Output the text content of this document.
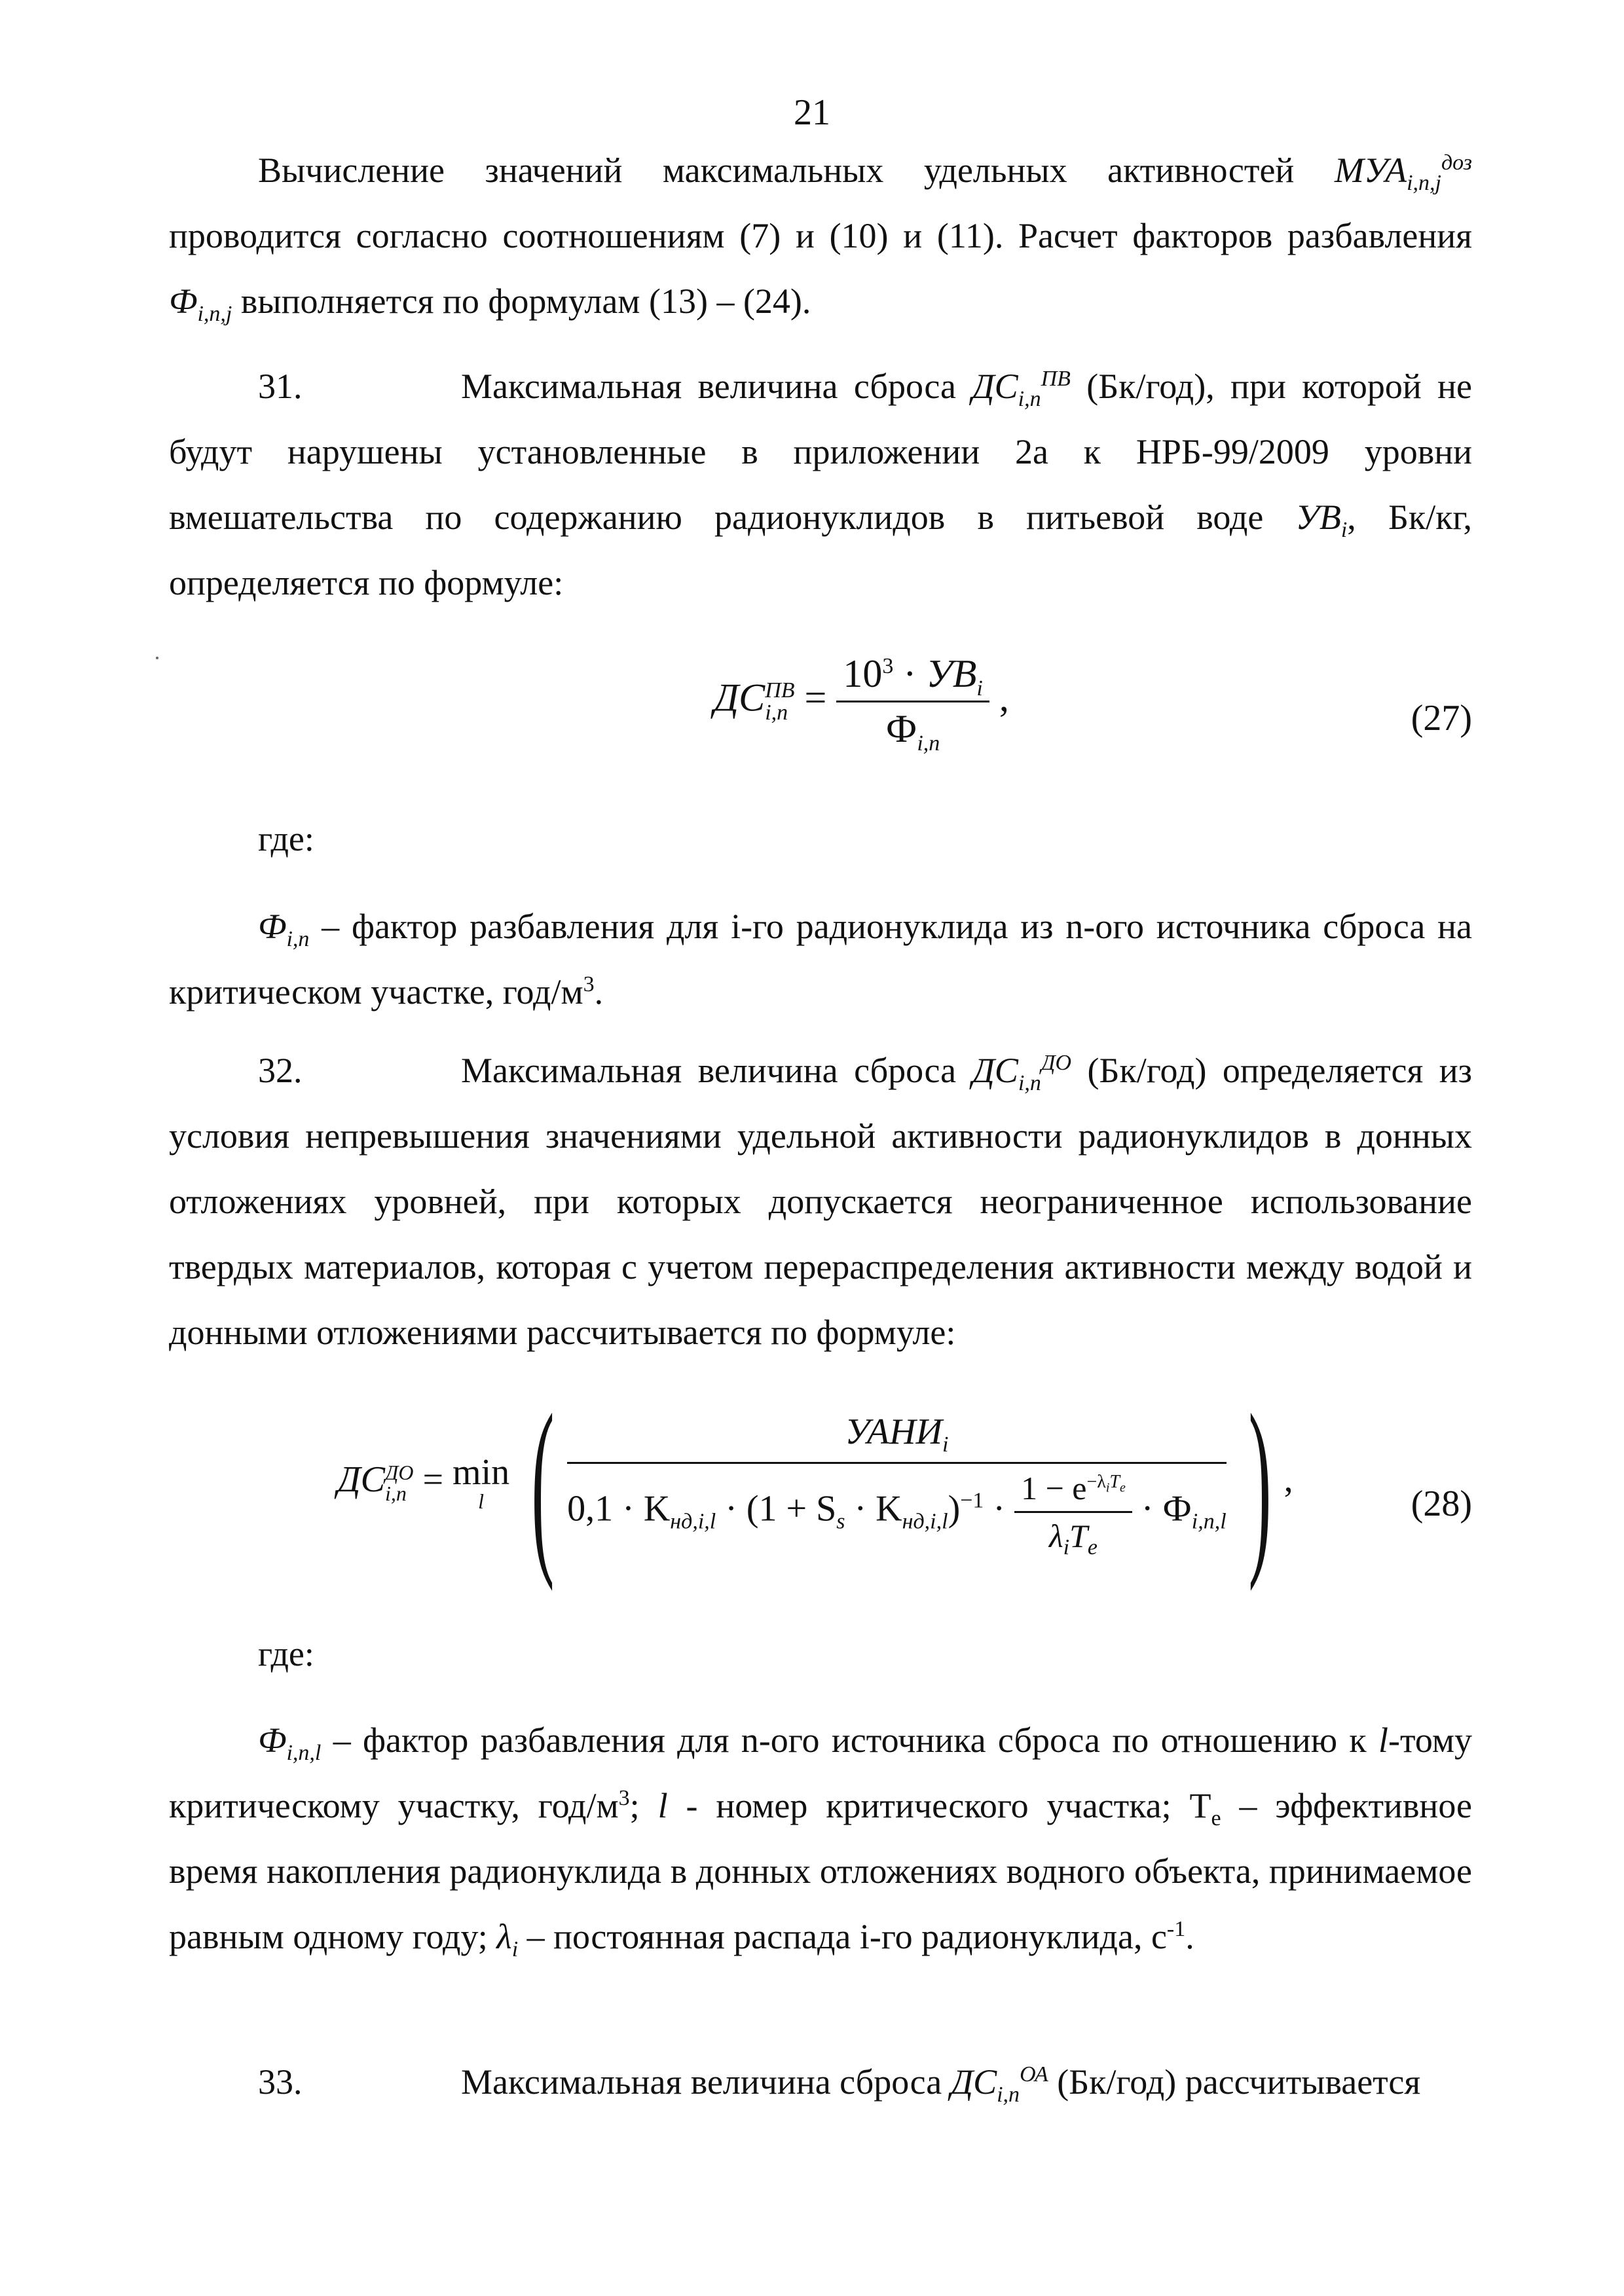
21

Вычисление значений максимальных удельных активностей $МУА_{i,n,j}^{доз}$ проводится согласно соотношениям (7) и (10) и (11). Расчет факторов разбавления $Ф_{i,n,j}$ выполняется по формулам (13) – (24).

31.	Максимальная величина сброса $ДС_{i,n}^{ПВ}$ (Бк/год), при которой не будут нарушены установленные в приложении 2а к НРБ-99/2009 уровни вмешательства по содержанию радионуклидов в питьевой воде $УВ_i$, Бк/кг, определяется по формуле:

ДС ПВ
$i,n = \frac{10^3 \cdot УВ_i}{Ф_{i,n}}$ ,	(27)
где:

$Ф_{i,n}$ – фактор разбавления для i-го радионуклида из n-ого источника сброса на критическом участке, год/$м^3$.

32.	Максимальная величина сброса $ДС_{i,n}^{ДО}$ (Бк/год) определяется из условия непревышения значениями удельной активности радионуклидов в донных отложениях уровней, при которых допускается неограниченное использование твердых материалов, которая с учетом перераспределения активности между водой и донными отложениями рассчитывается по формуле:

ДС ДО
i,n = min
l (	$УАНИ_i$
$0,1 \cdot K_{нд,i,l} \cdot (1 + S_s \cdot K_{нд,i,l})^{-1} \cdot \frac{1 - e^{-\lambda_iT_e}}{\lambda_iT_e} \cdot Ф_{i,n,l}$ ) ,
(28)
где:

$Ф_{i,n,l}$ – фактор разбавления для n-ого источника сброса по отношению к l-тому критическому участку, год/$м^3$; l - номер критического участка; $T_e$ – эффективное время накопления радионуклида в донных отложениях водного объекта, принимаемое равным одному году; $\lambda_i$ – постоянная распада i-го радионуклида, $с^{-1}$.

33.	Максимальная величина сброса $ДС_{i,n}^{ОА}$ (Бк/год) рассчитывается
